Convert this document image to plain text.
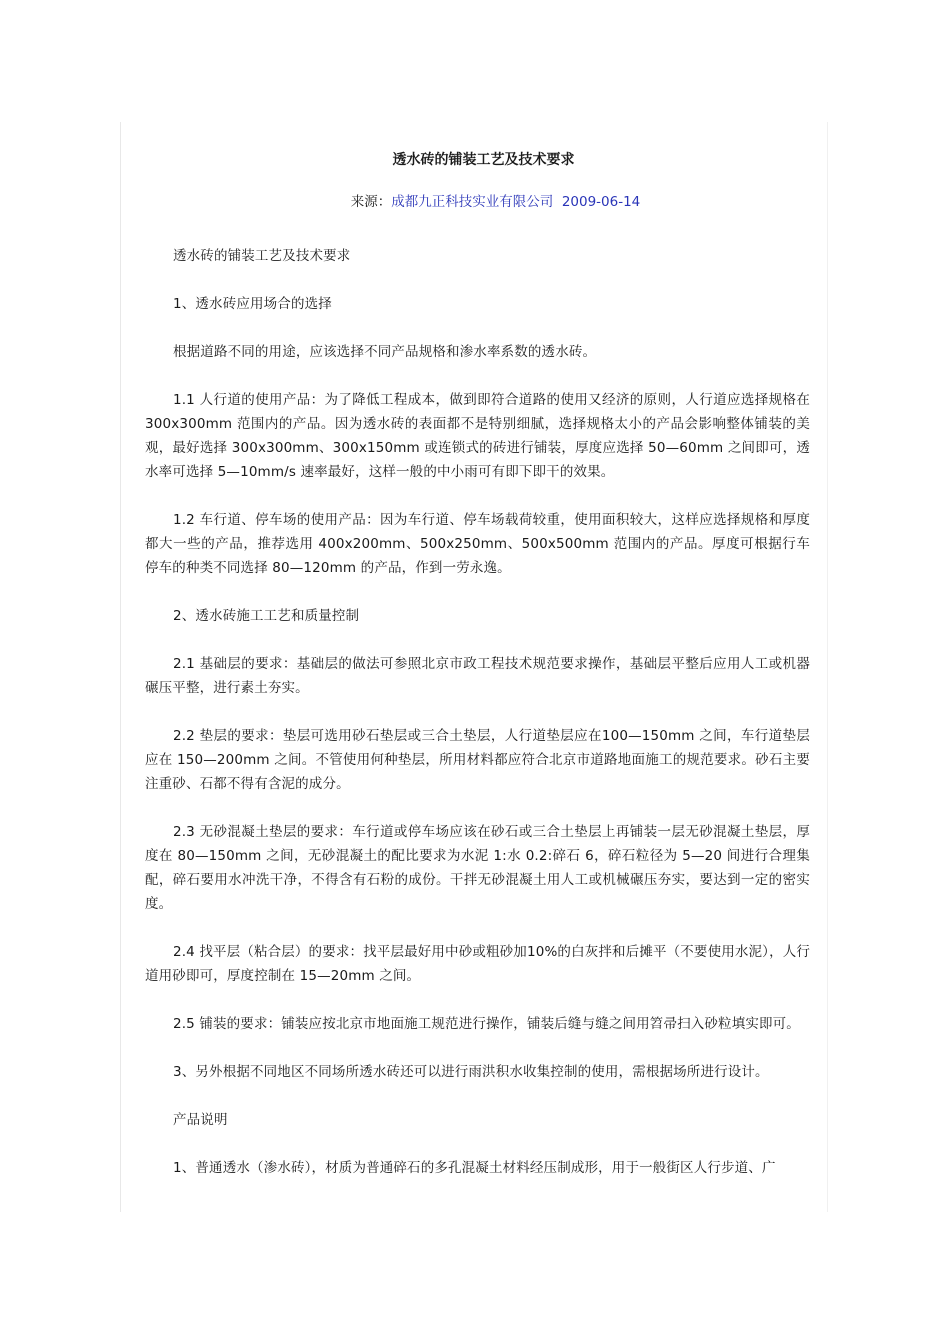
透水砖的铺装工艺及技术要求
来源：成都九正科技实业有限公司 2009-06-14

透水砖的铺装工艺及技术要求

1、透水砖应用场合的选择

根据道路不同的用途，应该选择不同产品规格和渗水率系数的透水砖。

1.1 人行道的使用产品：为了降低工程成本，做到即符合道路的使用又经济的原则，人行道应选择规格在 300x300mm 范围内的产品。因为透水砖的表面都不是特别细腻，选择规格太小的产品会影响整体铺装的美观，最好选择 300x300mm、300x150mm 或连锁式的砖进行铺装，厚度应选择 50—60mm 之间即可，透水率可选择 5—10mm/s 速率最好，这样一般的中小雨可有即下即干的效果。

1.2 车行道、停车场的使用产品：因为车行道、停车场载荷较重，使用面积较大，这样应选择规格和厚度都大一些的产品，推荐选用 400x200mm、500x250mm、500x500mm 范围内的产品。厚度可根据行车停车的种类不同选择 80—120mm 的产品，作到一劳永逸。

2、透水砖施工工艺和质量控制

2.1 基础层的要求：基础层的做法可参照北京市政工程技术规范要求操作，基础层平整后应用人工或机器碾压平整，进行素土夯实。

2.2 垫层的要求：垫层可选用砂石垫层或三合土垫层，人行道垫层应在100—150mm 之间，车行道垫层应在 150—200mm 之间。不管使用何种垫层，所用材料都应符合北京市道路地面施工的规范要求。砂石主要注重砂、石都不得有含泥的成分。

2.3 无砂混凝土垫层的要求：车行道或停车场应该在砂石或三合土垫层上再铺装一层无砂混凝土垫层，厚度在 80—150mm 之间，无砂混凝土的配比要求为水泥 1:水 0.2:碎石 6，碎石粒径为 5—20 间进行合理集配，碎石要用水冲洗干净，不得含有石粉的成份。干拌无砂混凝土用人工或机械碾压夯实，要达到一定的密实度。

2.4 找平层（粘合层）的要求：找平层最好用中砂或粗砂加10%的白灰拌和后摊平（不要使用水泥），人行道用砂即可，厚度控制在 15—20mm 之间。

2.5 铺装的要求：铺装应按北京市地面施工规范进行操作，铺装后缝与缝之间用笤帚扫入砂粒填实即可。

3、另外根据不同地区不同场所透水砖还可以进行雨洪积水收集控制的使用，需根据场所进行设计。

产品说明

1、普通透水（渗水砖），材质为普通碎石的多孔混凝土材料经压制成形，用于一般街区人行步道、广
